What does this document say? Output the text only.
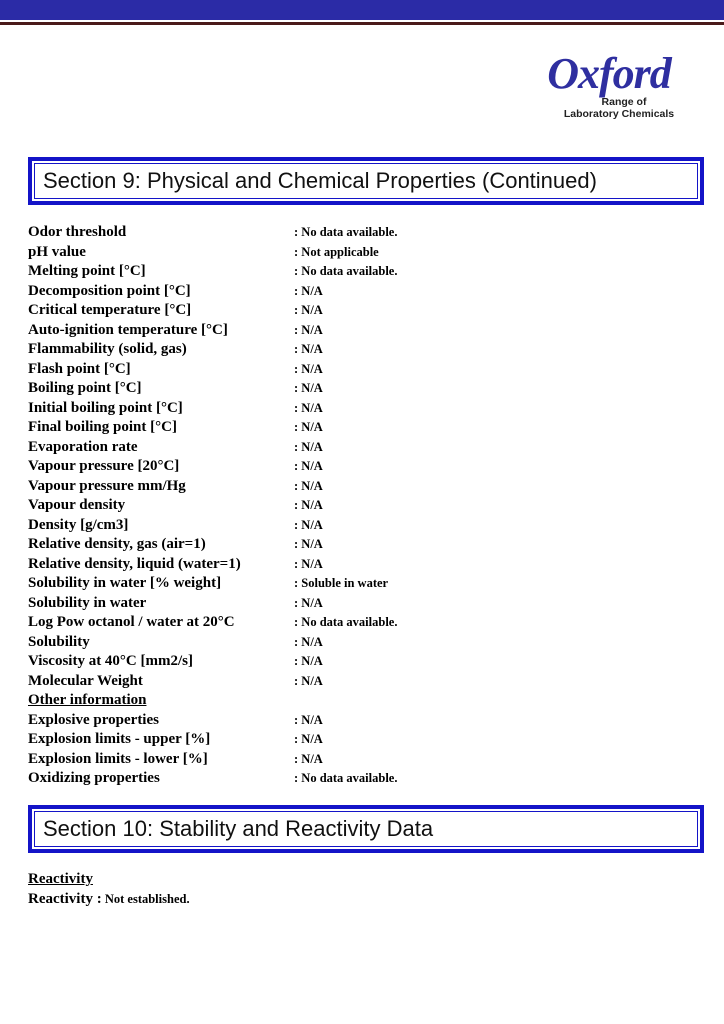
Oxford
Range of
Laboratory Chemicals
Section 9: Physical and Chemical Properties (Continued)
Odor threshold	: No data available.
pH value	: Not applicable
Melting point [°C]	: No data available.
Decomposition point [°C]	: N/A
Critical temperature [°C]	: N/A
Auto-ignition temperature [°C]	: N/A
Flammability (solid, gas)	: N/A
Flash point [°C]	: N/A
Boiling point [°C]	: N/A
Initial boiling point [°C]	: N/A
Final boiling point [°C]	: N/A
Evaporation rate	: N/A
Vapour pressure [20°C]	: N/A
Vapour pressure mm/Hg	: N/A
Vapour density	: N/A
Density [g/cm3]	: N/A
Relative density, gas (air=1)	: N/A
Relative density, liquid (water=1)	: N/A
Solubility in water [% weight]	: Soluble in water
Solubility in water	: N/A
Log Pow octanol / water at 20°C	: No data available.
Solubility	: N/A
Viscosity at 40°C [mm2/s]	: N/A
Molecular Weight	: N/A
Other information
Explosive properties	: N/A
Explosion limits - upper [%]	: N/A
Explosion limits - lower [%]	: N/A
Oxidizing properties	: No data available.
Section 10: Stability and Reactivity Data
Reactivity
Reactivity : Not established.
